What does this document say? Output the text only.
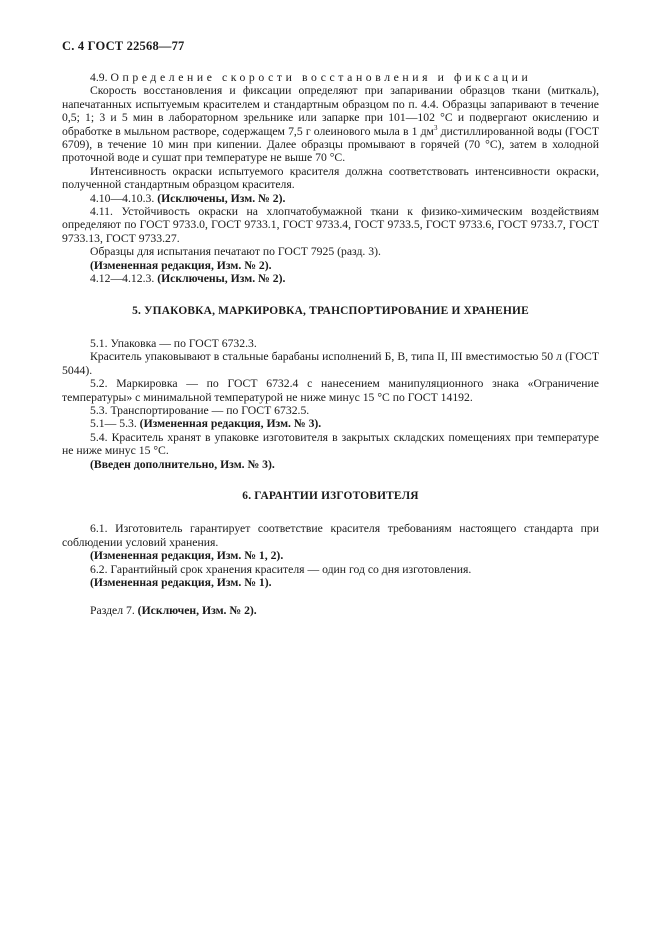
С. 4 ГОСТ 22568—77

4.9. Определение скорости восстановления и фиксации

Скорость восстановления и фиксации определяют при запаривании образцов ткани (миткаль), напечатанных испытуемым красителем и стандартным образцом по п. 4.4. Образцы запаривают в течение 0,5; 1; 3 и 5 мин в лабораторном зрельнике или запарке при 101—102 °С и подвергают окислению и обработке в мыльном растворе, содержащем 7,5 г олеинового мыла в 1 $дм^3$ дистиллированной воды (ГОСТ 6709), в течение 10 мин при кипении. Далее образцы промывают в горячей (70 °С), затем в холодной проточной воде и сушат при температуре не выше 70 °С.

Интенсивность окраски испытуемого красителя должна соответствовать интенсивности окраски, полученной стандартным образцом красителя.

4.10—4.10.3. (Исключены, Изм. № 2).

4.11. Устойчивость окраски на хлопчатобумажной ткани к физико-химическим воздействиям определяют по ГОСТ 9733.0, ГОСТ 9733.1, ГОСТ 9733.4, ГОСТ 9733.5, ГОСТ 9733.6, ГОСТ 9733.7, ГОСТ 9733.13, ГОСТ 9733.27.

Образцы для испытания печатают по ГОСТ 7925 (разд. 3).

(Измененная редакция, Изм. № 2).

4.12—4.12.3. (Исключены, Изм. № 2).

5. УПАКОВКА, МАРКИРОВКА, ТРАНСПОРТИРОВАНИЕ И ХРАНЕНИЕ

5.1. Упаковка — по ГОСТ 6732.3.

Краситель упаковывают в стальные барабаны исполнений Б, В, типа II, III вместимостью 50 л (ГОСТ 5044).

5.2. Маркировка — по ГОСТ 6732.4 с нанесением манипуляционного знака «Ограничение температуры» с минимальной температурой не ниже минус 15 °С по ГОСТ 14192.

5.3. Транспортирование — по ГОСТ 6732.5.

5.1— 5.3. (Измененная редакция, Изм. № 3).

5.4. Краситель хранят в упаковке изготовителя в закрытых складских помещениях при температуре не ниже минус 15 °С.

(Введен дополнительно, Изм. № 3).

6. ГАРАНТИИ ИЗГОТОВИТЕЛЯ

6.1. Изготовитель гарантирует соответствие красителя требованиям настоящего стандарта при соблюдении условий хранения.

(Измененная редакция, Изм. № 1, 2).

6.2. Гарантийный срок хранения красителя — один год со дня изготовления.

(Измененная редакция, Изм. № 1).

Раздел 7. (Исключен, Изм. № 2).
